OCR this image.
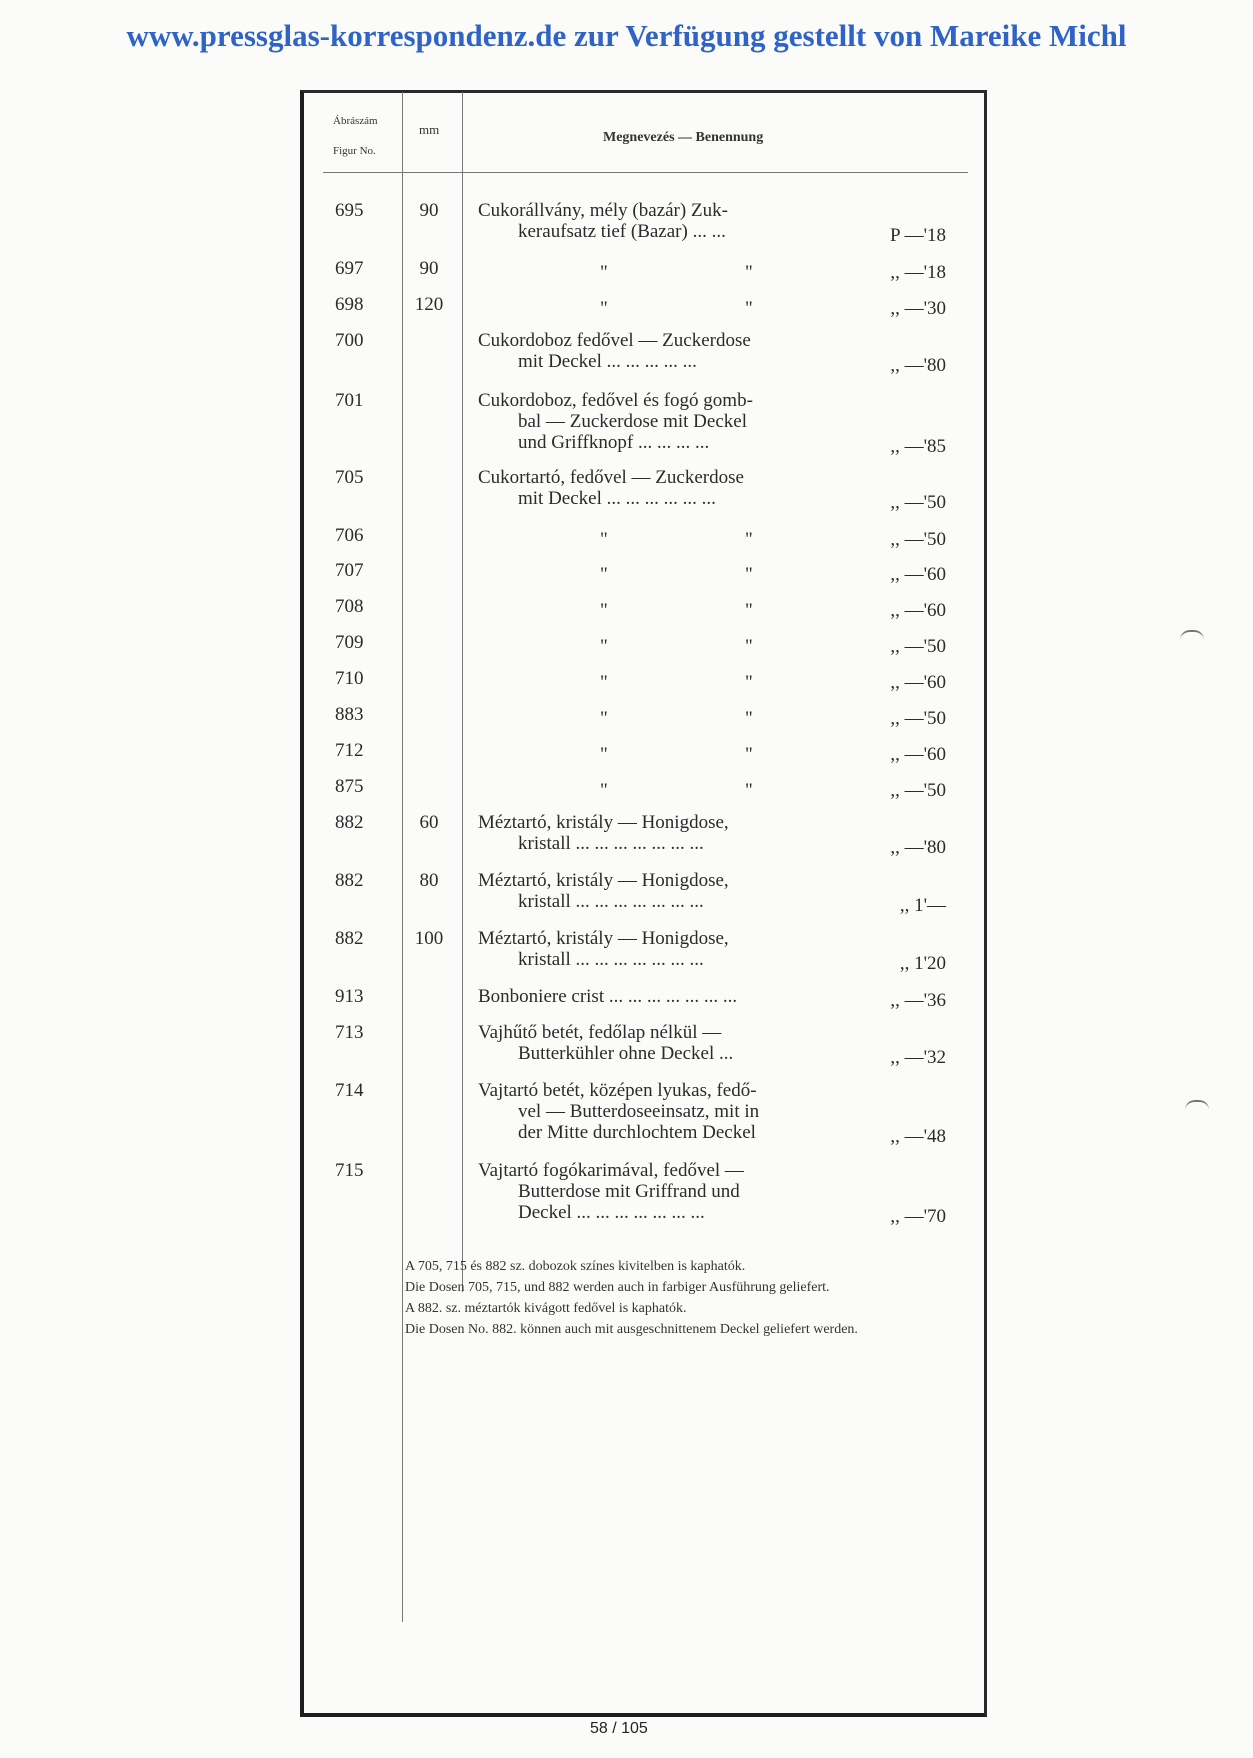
www.pressglas-korrespondenz.de zur Verfügung gestellt von Mareike Michl
Ábrászám
Figur No.
mm
Megnevezés — Benennung
695	90	Cukorállvány, mély (bazár) Zuk-
keraufsatz tief (Bazar) ... ...	P —'18
697	90	"	"	,, —'18
698	120	"	"	,, —'30
700	Cukordoboz fedővel — Zuckerdose
mit Deckel ... ... ... ... ...	,, —'80
701	Cukordoboz, fedővel és fogó gomb-
bal — Zuckerdose mit Deckel
und Griffknopf ... ... ... ...	,, —'85
705	Cukortartó, fedővel — Zuckerdose
mit Deckel ... ... ... ... ... ...	,, —'50
706	"	"	,, —'50
707	"	"	,, —'60
708	"	"	,, —'60
709	"	"	,, —'50
710	"	"	,, —'60
883	"	"	,, —'50
712	"	"	,, —'60
875	"	"	,, —'50
882	60	Méztartó, kristály — Honigdose,
kristall ... ... ... ... ... ... ...	,, —'80
882	80	Méztartó, kristály — Honigdose,
kristall ... ... ... ... ... ... ...	,, 1'—
882	100	Méztartó, kristály — Honigdose,
kristall ... ... ... ... ... ... ...	,, 1'20
913	Bonboniere crist ... ... ... ... ... ... ...	,, —'36
713	Vajhűtő betét, fedőlap nélkül —
Butterkühler ohne Deckel ...	,, —'32
714	Vajtartó betét, középen lyukas, fedő-
vel — Butterdoseeinsatz, mit in
der Mitte durchlochtem Deckel	,, —'48
715	Vajtartó fogókarimával, fedővel —
Butterdose mit Griffrand und
Deckel ... ... ... ... ... ... ...	,, —'70

A 705, 715 és 882 sz. dobozok színes kivitelben is kaphatók.

Die Dosen 705, 715, und 882 werden auch in farbiger Ausführung geliefert.

A 882. sz. méztartók kivágott fedővel is kaphatók.

Die Dosen No. 882. können auch mit ausgeschnittenem Deckel geliefert werden.

58 / 105
